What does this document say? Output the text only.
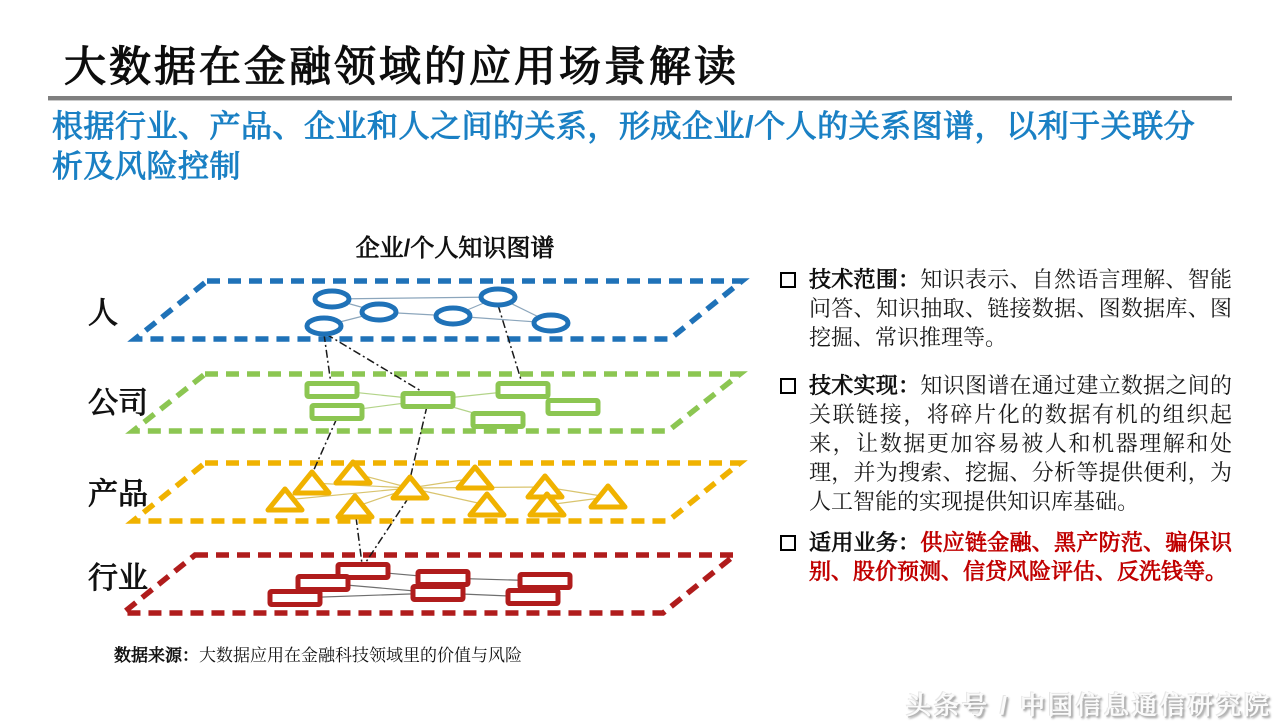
大数据在金融领域的应用场景解读
根据行业、产品、企业和人之间的关系，形成企业/个人的关系图谱，以利于关联分
析及风险控制
人
公司
产品
行业
企业/个人知识图谱
数据来源：大数据应用在金融科技领域里的价值与风险
技术范围：知识表示、自然语言理解、智能问答、知识抽取、链接数据、图数据库、图挖掘、常识推理等。
技术实现：知识图谱在通过建立数据之间的关联链接，将碎片化的数据有机的组织起来，让数据更加容易被人和机器理解和处理，并为搜索、挖掘、分析等提供便利，为人工智能的实现提供知识库基础。
适用业务：供应链金融、黑产防范、骗保识别、股价预测、信贷风险评估、反洗钱等。
头条号 / 中国信息通信研究院
